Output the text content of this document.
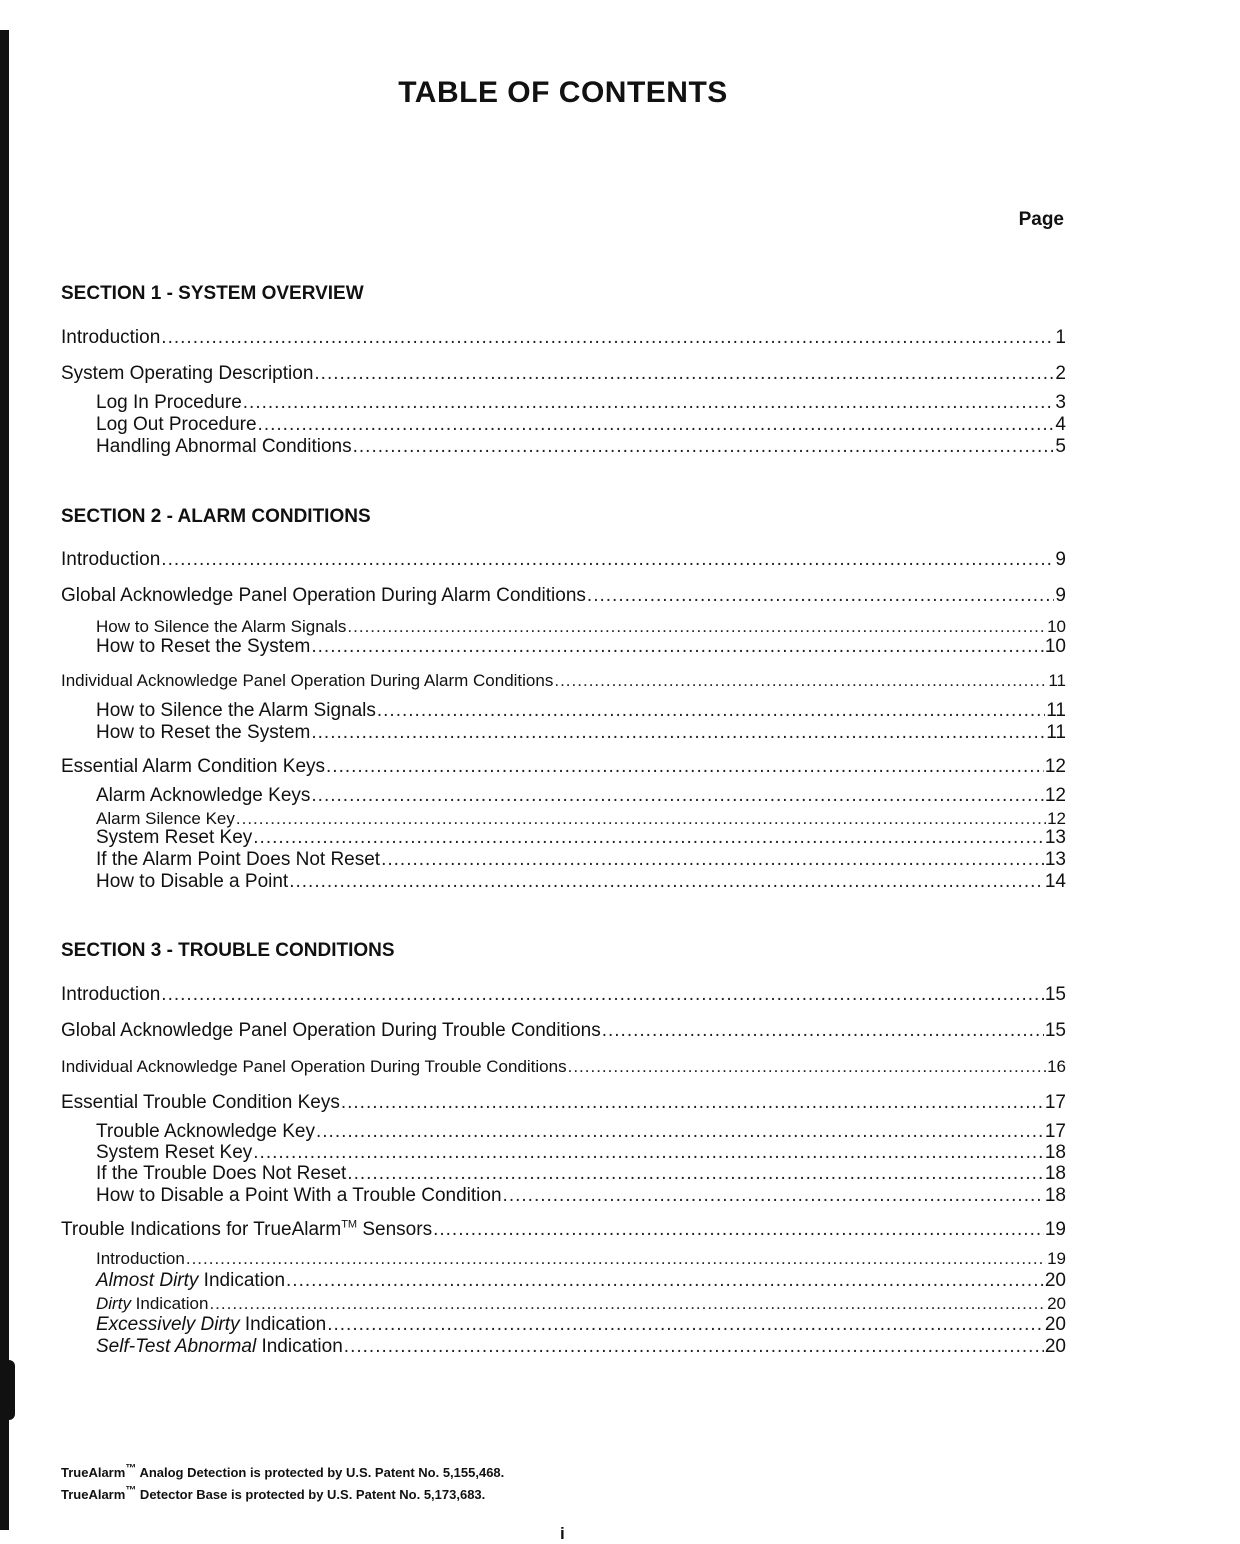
TABLE OF CONTENTS
Page
SECTION 1 - SYSTEM OVERVIEW
Introduction .....	1
System Operating Description .....	2
Log In Procedure .....	3
Log Out Procedure .....	4
Handling Abnormal Conditions .....	5
SECTION 2 - ALARM CONDITIONS
Introduction .....	9
Global Acknowledge Panel Operation During Alarm Conditions .....	9
How to Silence the Alarm Signals .....	10
How to Reset the System .....	10
Individual Acknowledge Panel Operation During Alarm Conditions .....	11
How to Silence the Alarm Signals .....	11
How to Reset the System .....	11
Essential Alarm Condition Keys .....	12
Alarm Acknowledge Keys .....	12
Alarm Silence Key .....	12
System Reset Key .....	13
If the Alarm Point Does Not Reset .....	13
How to Disable a Point .....	14
SECTION 3 - TROUBLE CONDITIONS
Introduction .....	15
Global Acknowledge Panel Operation During Trouble Conditions .....	15
Individual Acknowledge Panel Operation During Trouble Conditions .....	16
Essential Trouble Condition Keys .....	17
Trouble Acknowledge Key .....	17
System Reset Key .....	18
If the Trouble Does Not Reset .....	18
How to Disable a Point With a Trouble Condition .....	18
Trouble Indications for TrueAlarm™ Sensors .....	19
Introduction .....	19
Almost Dirty Indication .....	20
Dirty Indication .....	20
Excessively Dirty Indication .....	20
Self-Test Abnormal Indication .....	20
TrueAlarm™ Analog Detection is protected by U.S. Patent No. 5,155,468.
TrueAlarm™ Detector Base is protected by U.S. Patent No. 5,173,683.
i
